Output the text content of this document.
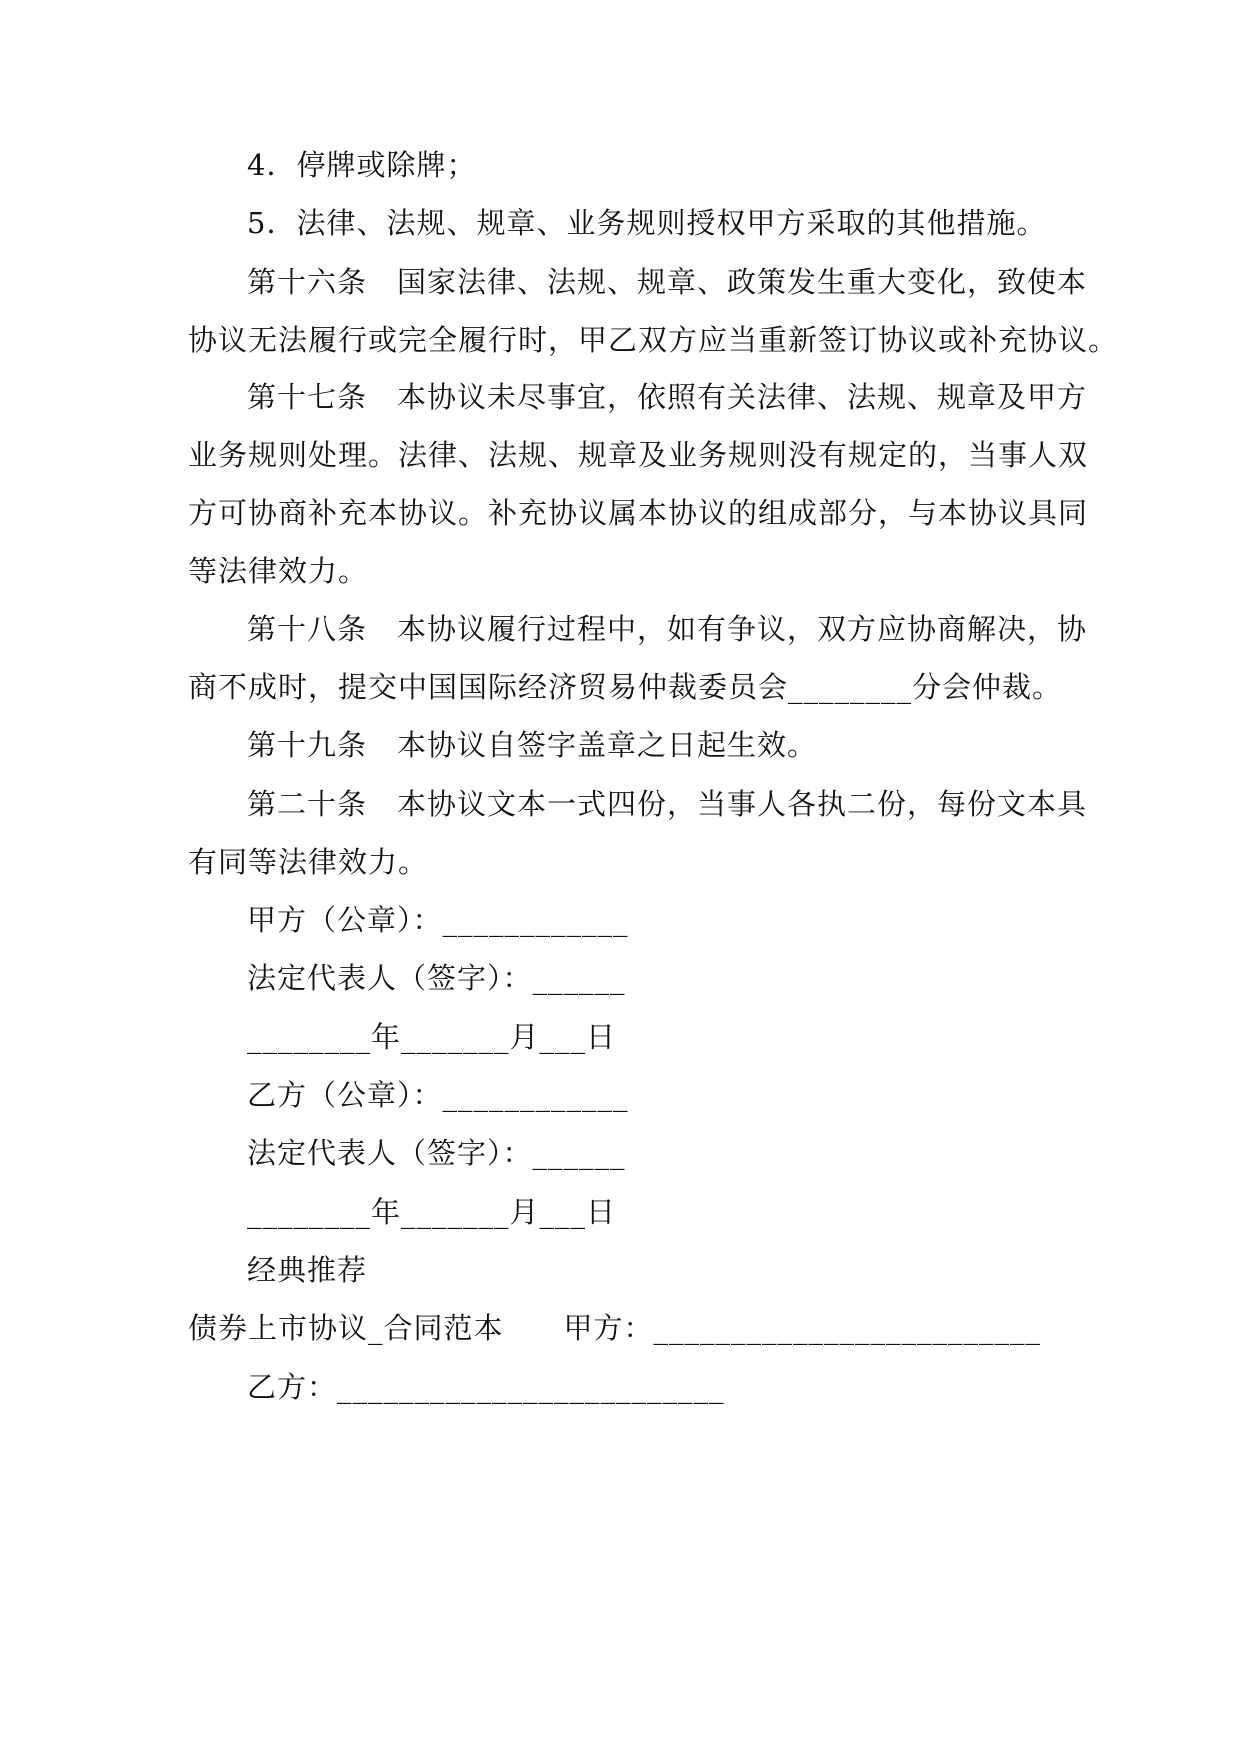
4．停牌或除牌；
5．法律、法规、规章、业务规则授权甲方采取的其他措施。
第十六条　国家法律、法规、规章、政策发生重大变化，致使本
协议无法履行或完全履行时，甲乙双方应当重新签订协议或补充协议。
第十七条　本协议未尽事宜，依照有关法律、法规、规章及甲方
业务规则处理。法律、法规、规章及业务规则没有规定的，当事人双
方可协商补充本协议。补充协议属本协议的组成部分，与本协议具同
等法律效力。
第十八条　本协议履行过程中，如有争议，双方应协商解决，协
商不成时，提交中国国际经济贸易仲裁委员会________分会仲裁。
第十九条　本协议自签字盖章之日起生效。
第二十条　本协议文本一式四份，当事人各执二份，每份文本具
有同等法律效力。
甲方（公章）：____________
法定代表人（签字）：______
________年_______月___日
乙方（公章）：____________
法定代表人（签字）：______
________年_______月___日
经典推荐
债券上市协议_合同范本　　甲方：_________________________
乙方：_________________________
